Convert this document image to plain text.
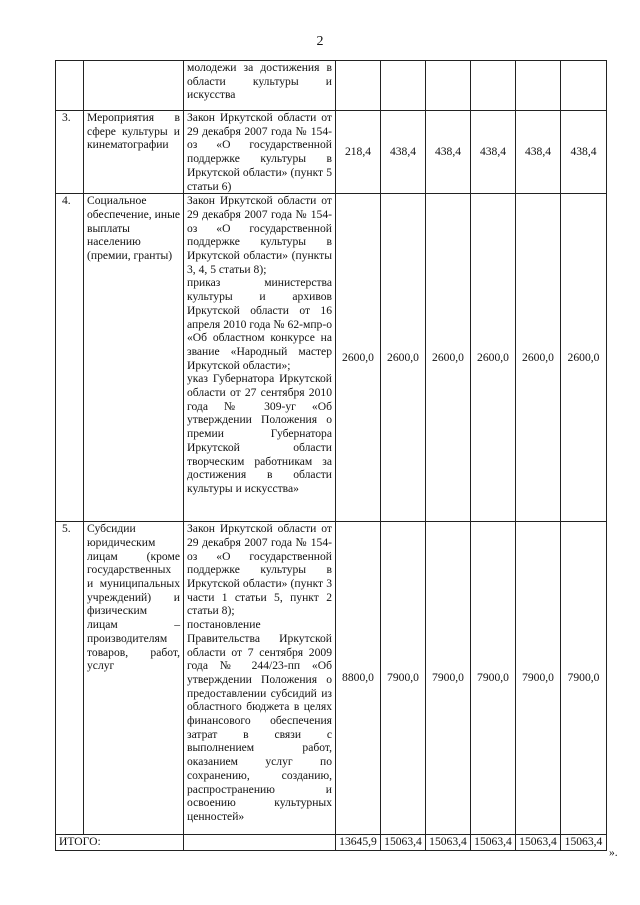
2
		молодежи за достижения в области культуры и искусства						
3.	Мероприятия в сфере культуры и кинематографии	Закон Иркутской области от 29 декабря 2007 года № 154-оз «О государственной поддержке культуры в Иркутской области» (пункт 5 статьи 6)	218,4	438,4	438,4	438,4	438,4	438,4
4.	Социальное обеспечение, иные выплаты населению (премии, гранты)	Закон Иркутской области от 29 декабря 2007 года № 154-оз «О государственной поддержке культуры в Иркутской области» (пункты 3, 4, 5 статьи 8);
приказ министерства культуры и архивов Иркутской области от 16 апреля 2010 года № 62-мпр-о «Об областном конкурсе на звание «Народный мастер Иркутской области»;
указ Губернатора Иркутской области от 27 сентября 2010 года № 309-уг «Об утверждении Положения о премии Губернатора Иркутской области творческим работникам за достижения в области культуры и искусства»	2600,0	2600,0	2600,0	2600,0	2600,0	2600,0
5.	Субсидии юридическим лицам (кроме государственных и муниципальных учреждений) и физическим лицам – производителям товаров, работ, услуг	Закон Иркутской области от 29 декабря 2007 года № 154-оз «О государственной поддержке культуры в Иркутской области» (пункт 3 части 1 статьи 5, пункт 2 статьи 8);
постановление Правительства Иркутской области от 7 сентября 2009 года № 244/23-пп «Об утверждении Положения о предоставлении субсидий из областного бюджета в целях финансового обеспечения затрат в связи с выполнением работ, оказанием услуг по сохранению, созданию, распространению и освоению культурных ценностей»	8800,0	7900,0	7900,0	7900,0	7900,0	7900,0
ИТОГО:			13645,9	15063,4	15063,4	15063,4	15063,4	15063,4
».
